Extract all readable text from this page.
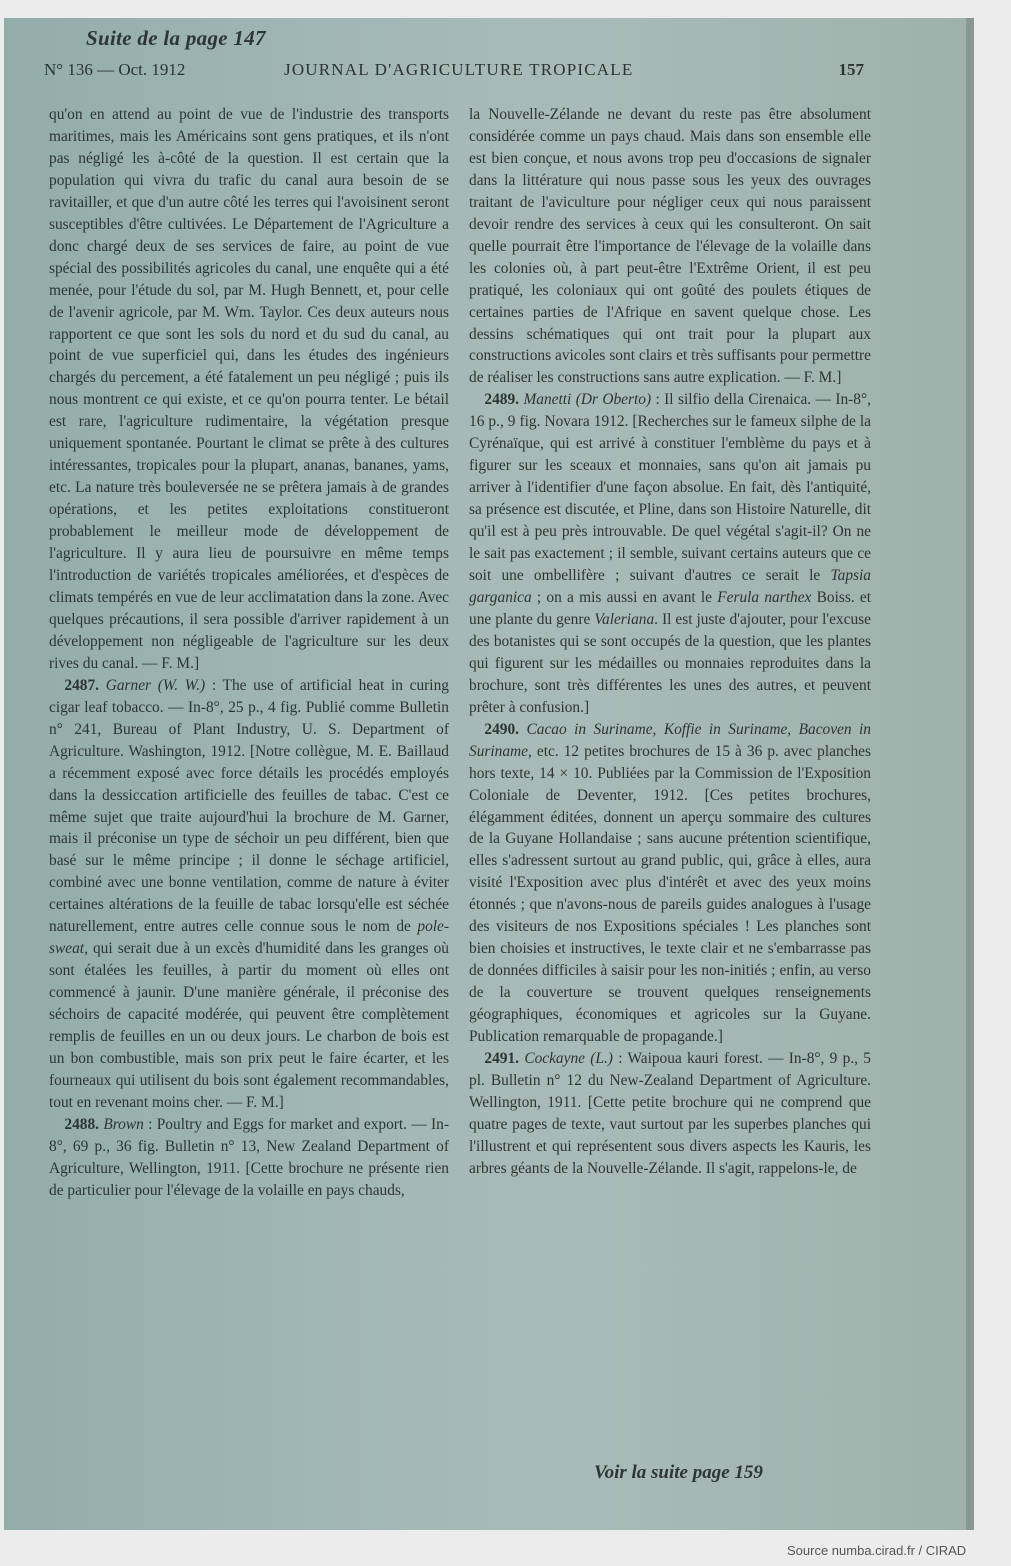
Suite de la page 147
N° 136 — Oct. 1912	JOURNAL D'AGRICULTURE TROPICALE	157

qu'on en attend au point de vue de l'industrie des transports maritimes, mais les Américains sont gens pratiques, et ils n'ont pas négligé les à-côté de la question. Il est certain que la population qui vivra du trafic du canal aura besoin de se ravitailler, et que d'un autre côté les terres qui l'avoisinent seront susceptibles d'être cultivées. Le Département de l'Agriculture a donc chargé deux de ses services de faire, au point de vue spécial des possibilités agricoles du canal, une enquête qui a été menée, pour l'étude du sol, par M. Hugh Bennett, et, pour celle de l'avenir agricole, par M. Wm. Taylor. Ces deux auteurs nous rapportent ce que sont les sols du nord et du sud du canal, au point de vue superficiel qui, dans les études des ingénieurs chargés du percement, a été fatalement un peu négligé ; puis ils nous montrent ce qui existe, et ce qu'on pourra tenter. Le bétail est rare, l'agriculture rudimentaire, la végétation presque uniquement spontanée. Pourtant le climat se prête à des cultures intéressantes, tropicales pour la plupart, ananas, bananes, yams, etc. La nature très bouleversée ne se prêtera jamais à de grandes opérations, et les petites exploitations constitueront probablement le meilleur mode de développement de l'agriculture. Il y aura lieu de poursuivre en même temps l'introduction de variétés tropicales améliorées, et d'espèces de climats tempérés en vue de leur acclimatation dans la zone. Avec quelques précautions, il sera possible d'arriver rapidement à un développement non négligeable de l'agriculture sur les deux rives du canal. — F. M.]

 2487. Garner (W. W.) : The use of artificial heat in curing cigar leaf tobacco. — In-8°, 25 p., 4 fig. Publié comme Bulletin n° 241, Bureau of Plant Industry, U. S. Department of Agriculture. Washington, 1912. [Notre collègue, M. E. Baillaud a récemment exposé avec force détails les procédés employés dans la dessiccation artificielle des feuilles de tabac. C'est ce même sujet que traite aujourd'hui la brochure de M. Garner, mais il préconise un type de séchoir un peu différent, bien que basé sur le même principe ; il donne le séchage artificiel, combiné avec une bonne ventilation, comme de nature à éviter certaines altérations de la feuille de tabac lorsqu'elle est séchée naturellement, entre autres celle connue sous le nom de pole-sweat, qui serait due à un excès d'humidité dans les granges où sont étalées les feuilles, à partir du moment où elles ont commencé à jaunir. D'une manière générale, il préconise des séchoirs de capacité modérée, qui peuvent être complètement remplis de feuilles en un ou deux jours. Le charbon de bois est un bon combustible, mais son prix peut le faire écarter, et les fourneaux qui utilisent du bois sont également recommandables, tout en revenant moins cher. — F. M.]

 2488. Brown : Poultry and Eggs for market and export. — In-8°, 69 p., 36 fig. Bulletin n° 13, New Zealand Department of Agriculture, Wellington, 1911. [Cette brochure ne présente rien de particulier pour l'élevage de la volaille en pays chauds,

la Nouvelle-Zélande ne devant du reste pas être absolument considérée comme un pays chaud. Mais dans son ensemble elle est bien conçue, et nous avons trop peu d'occasions de signaler dans la littérature qui nous passe sous les yeux des ouvrages traitant de l'aviculture pour négliger ceux qui nous paraissent devoir rendre des services à ceux qui les consulteront. On sait quelle pourrait être l'importance de l'élevage de la volaille dans les colonies où, à part peut-être l'Extrême Orient, il est peu pratiqué, les coloniaux qui ont goûté des poulets étiques de certaines parties de l'Afrique en savent quelque chose. Les dessins schématiques qui ont trait pour la plupart aux constructions avicoles sont clairs et très suffisants pour permettre de réaliser les constructions sans autre explication. — F. M.]

 2489. Manetti (Dr Oberto) : Il silfio della Cirenaica. — In-8°, 16 p., 9 fig. Novara 1912. [Recherches sur le fameux silphe de la Cyrénaïque, qui est arrivé à constituer l'emblème du pays et à figurer sur les sceaux et monnaies, sans qu'on ait jamais pu arriver à l'identifier d'une façon absolue. En fait, dès l'antiquité, sa présence est discutée, et Pline, dans son Histoire Naturelle, dit qu'il est à peu près introuvable. De quel végétal s'agit-il? On ne le sait pas exactement ; il semble, suivant certains auteurs que ce soit une ombellifère ; suivant d'autres ce serait le Tapsia garganica ; on a mis aussi en avant le Ferula narthex Boiss. et une plante du genre Valeriana. Il est juste d'ajouter, pour l'excuse des botanistes qui se sont occupés de la question, que les plantes qui figurent sur les médailles ou monnaies reproduites dans la brochure, sont très différentes les unes des autres, et peuvent prêter à confusion.]

 2490. Cacao in Suriname, Koffie in Suriname, Bacoven in Suriname, etc. 12 petites brochures de 15 à 36 p. avec planches hors texte, 14 × 10. Publiées par la Commission de l'Exposition Coloniale de Deventer, 1912. [Ces petites brochures, élégamment éditées, donnent un aperçu sommaire des cultures de la Guyane Hollandaise ; sans aucune prétention scientifique, elles s'adressent surtout au grand public, qui, grâce à elles, aura visité l'Exposition avec plus d'intérêt et avec des yeux moins étonnés ; que n'avons-nous de pareils guides analogues à l'usage des visiteurs de nos Expositions spéciales ! Les planches sont bien choisies et instructives, le texte clair et ne s'embarrasse pas de données difficiles à saisir pour les non-initiés ; enfin, au verso de la couverture se trouvent quelques renseignements géographiques, économiques et agricoles sur la Guyane. Publication remarquable de propagande.]

 2491. Cockayne (L.) : Waipoua kauri forest. — In-8°, 9 p., 5 pl. Bulletin n° 12 du New-Zealand Department of Agriculture. Wellington, 1911. [Cette petite brochure qui ne comprend que quatre pages de texte, vaut surtout par les superbes planches qui l'illustrent et qui représentent sous divers aspects les Kauris, les arbres géants de la Nouvelle-Zélande. Il s'agit, rappelons-le, de

Voir la suite page 159
Source numba.cirad.fr / CIRAD
